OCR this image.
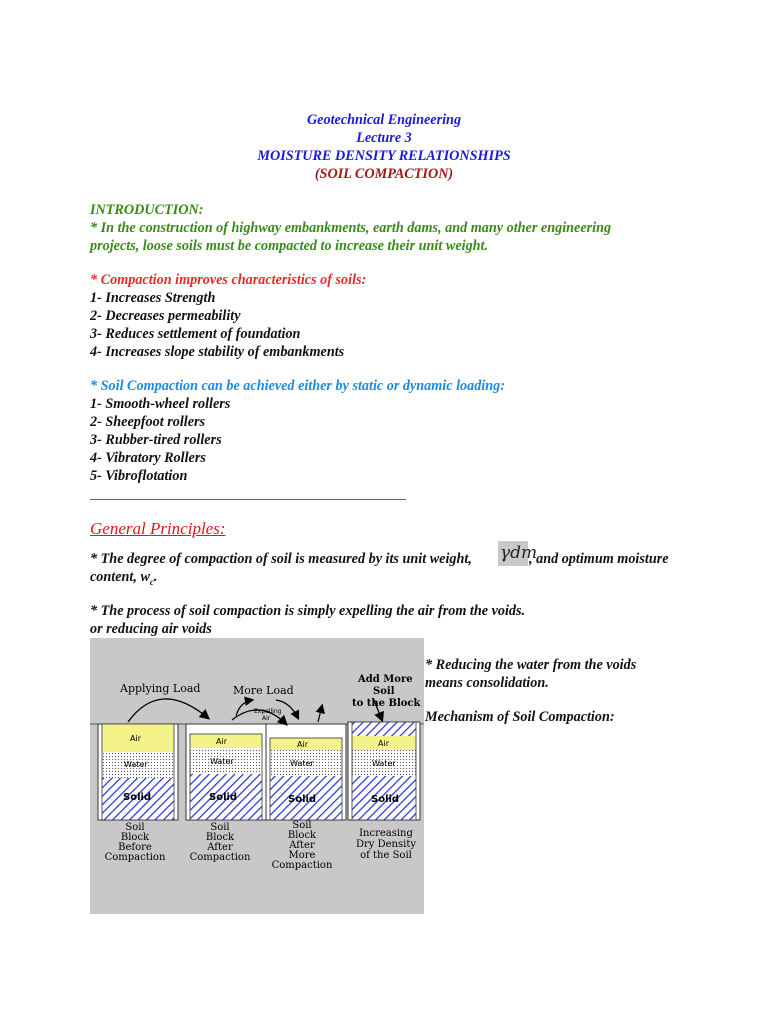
Geotechnical Engineering

Lecture 3

MOISTURE DENSITY RELATIONSHIPS

(SOIL COMPACTION)

INTRODUCTION:

* In the construction of highway embankments, earth dams, and many other engineering

projects, loose soils must be compacted to increase their unit weight.

* Compaction improves characteristics of soils:

1- Increases Strength

2- Decreases permeability

3- Reduces settlement of foundation

4- Increases slope stability of embankments

* Soil Compaction can be achieved either by static or dynamic loading:

1- Smooth-wheel rollers

2- Sheepfoot rollers

3- Rubber-tired rollers

4- Vibratory Rollers

5- Vibroflotation

General Principles:

* The degree of compaction of soil is measured by its unit weight, γdm

, and optimum moisture

content, $w_c$.

* The process of soil compaction is simply expelling the air from the voids.

or reducing air voids

* Reducing the water from the voids

means consolidation.

Mechanism of Soil Compaction:

Air
Water
Solid
Air
Water
Solid
Air
Water
Solid
Air
Water
Solid
Applying Load	More Load
Expelling
Air
Add More
Soil
to the Block
Soil
Block
Before
Compaction
Soil
Block
After
Compaction
Soil
Block
After
More
Compaction
Increasing
Dry Density
of the Soil
